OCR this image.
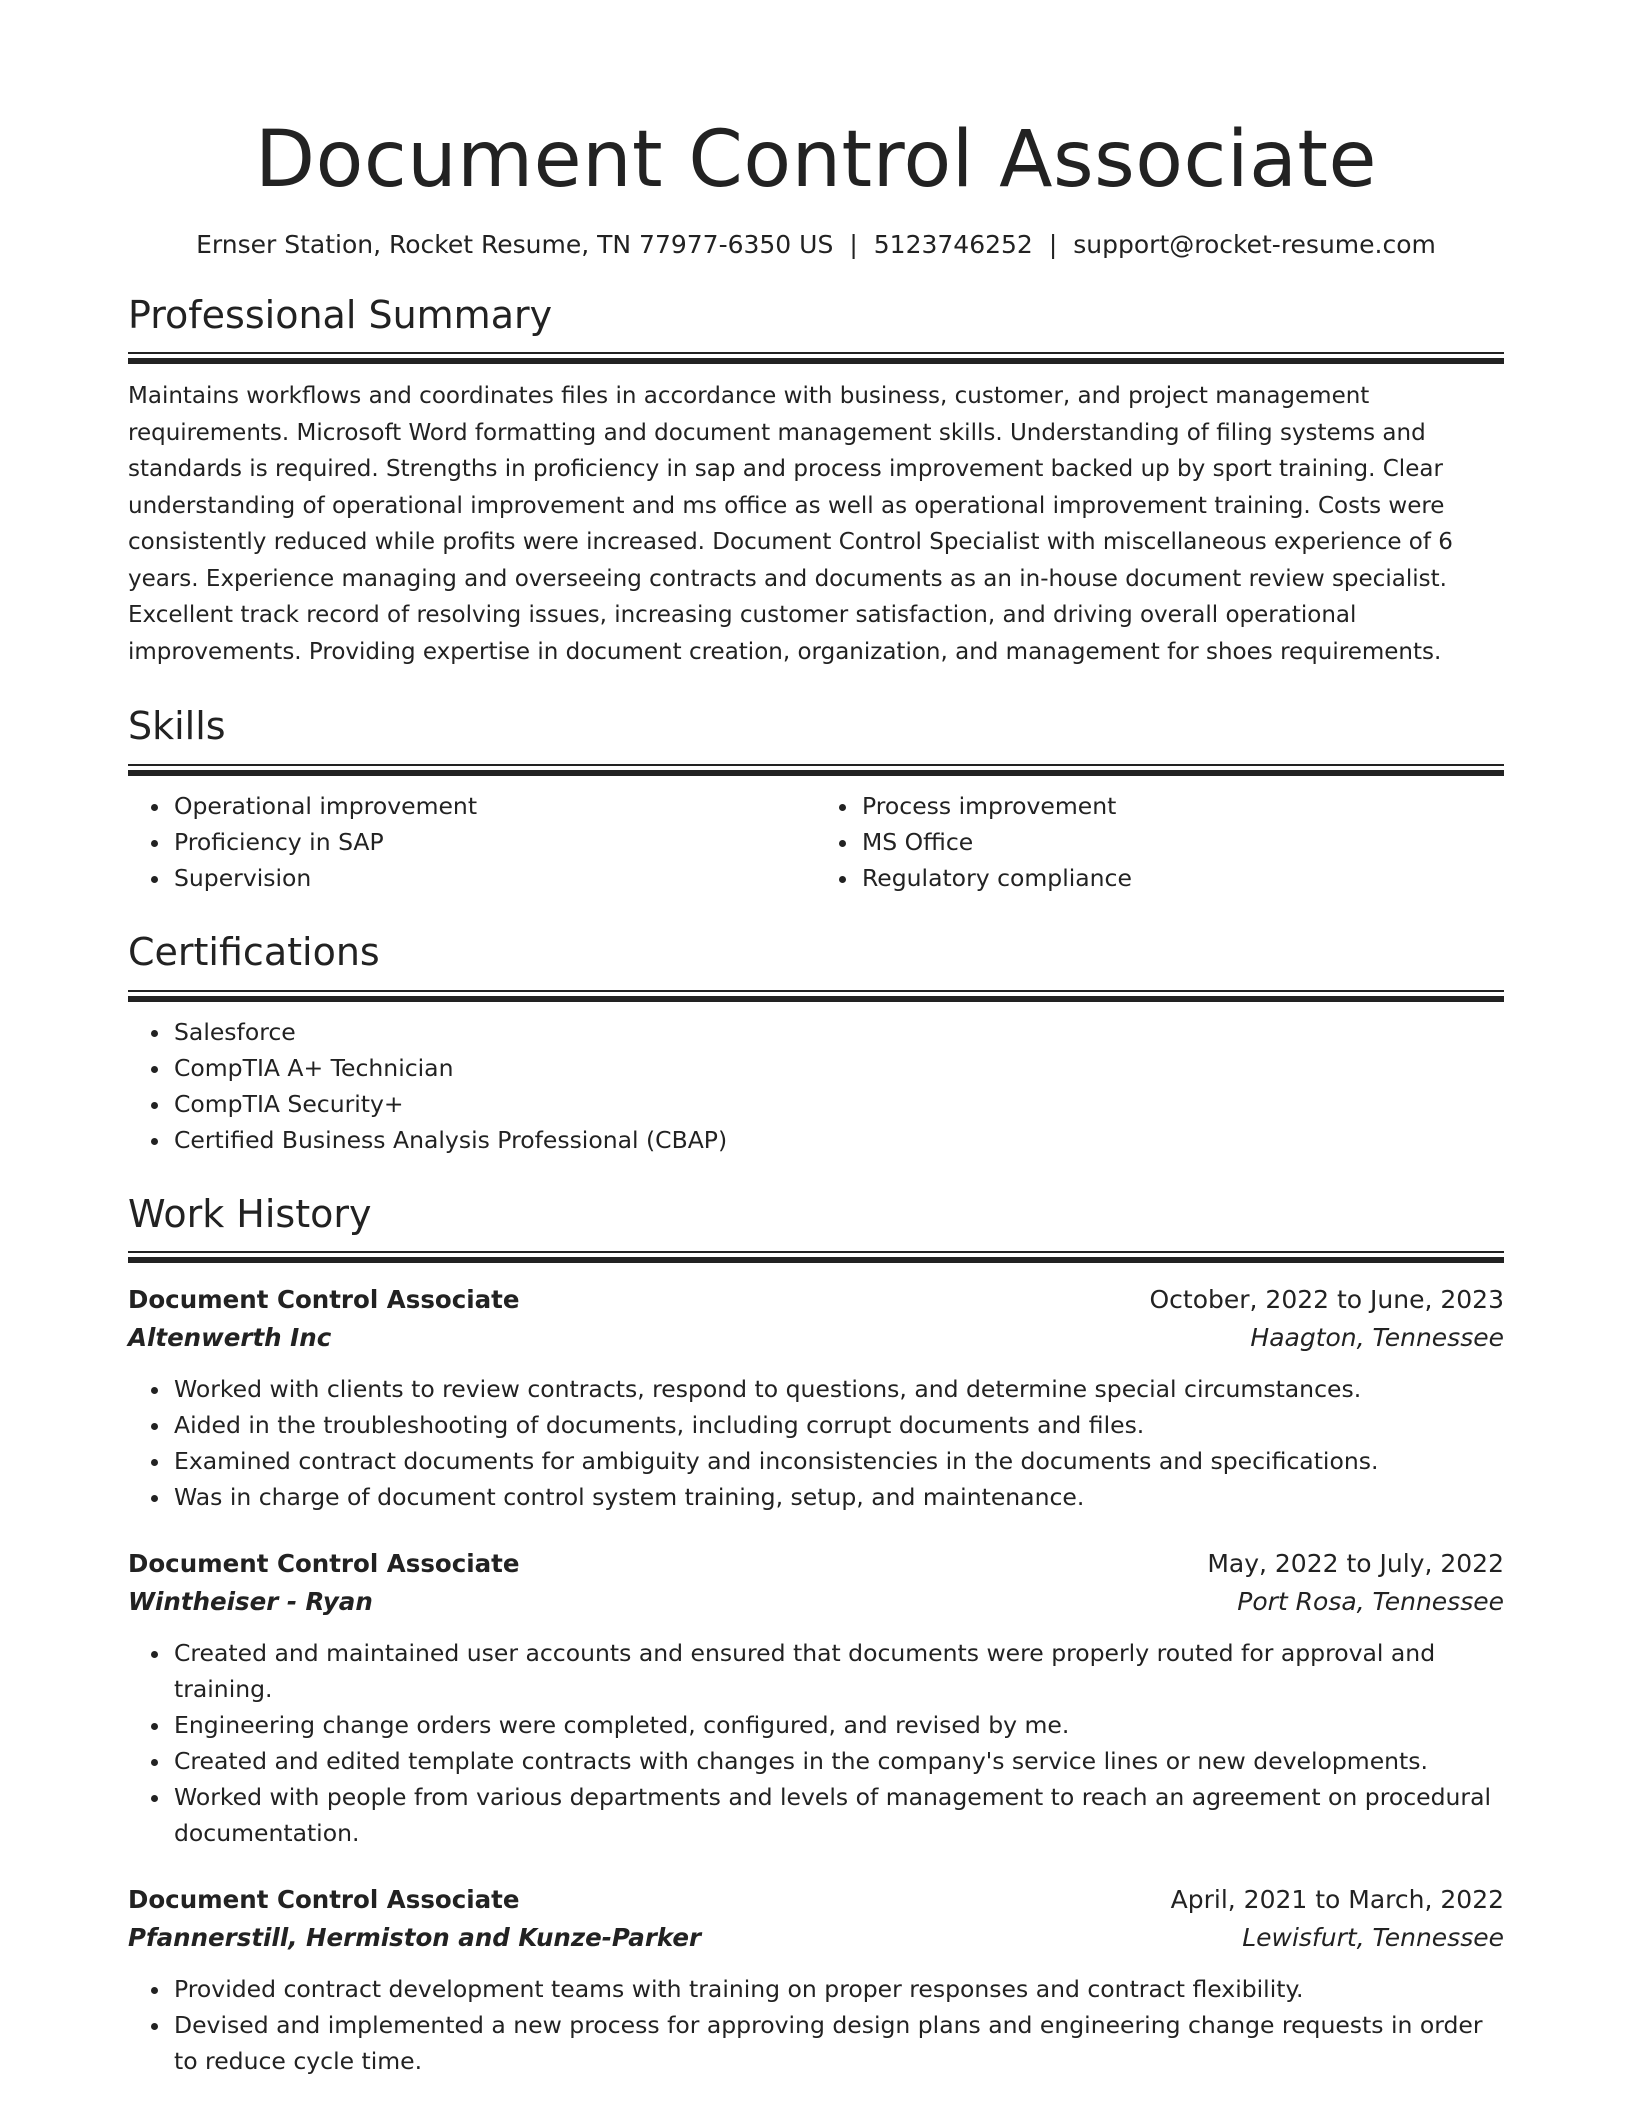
Document Control Associate
Ernser Station, Rocket Resume, TN 77977-6350 US | 5123746252 | support@rocket-resume.com
Professional Summary
Maintains workflows and coordinates files in accordance with business, customer, and project management requirements. Microsoft Word formatting and document management skills. Understanding of filing systems and standards is required. Strengths in proficiency in sap and process improvement backed up by sport training. Clear understanding of operational improvement and ms office as well as operational improvement training. Costs were consistently reduced while profits were increased. Document Control Specialist with miscellaneous experience of 6 years. Experience managing and overseeing contracts and documents as an in-house document review specialist. Excellent track record of resolving issues, increasing customer satisfaction, and driving overall operational improvements. Providing expertise in document creation, organization, and management for shoes requirements.
Skills
• Operational improvement
• Proficiency in SAP
• Supervision
• Process improvement
• MS Office
• Regulatory compliance
Certifications
• Salesforce
• CompTIA A+ Technician
• CompTIA Security+
• Certified Business Analysis Professional (CBAP)
Work History
Document Control Associate	October, 2022 to June, 2023
Altenwerth Inc	Haagton, Tennessee
• Worked with clients to review contracts, respond to questions, and determine special circumstances.
• Aided in the troubleshooting of documents, including corrupt documents and files.
• Examined contract documents for ambiguity and inconsistencies in the documents and specifications.
• Was in charge of document control system training, setup, and maintenance.
Document Control Associate	May, 2022 to July, 2022
Wintheiser - Ryan	Port Rosa, Tennessee
• Created and maintained user accounts and ensured that documents were properly routed for approval and training.
• Engineering change orders were completed, configured, and revised by me.
• Created and edited template contracts with changes in the company's service lines or new developments.
• Worked with people from various departments and levels of management to reach an agreement on procedural documentation.
Document Control Associate	April, 2021 to March, 2022
Pfannerstill, Hermiston and Kunze-Parker	Lewisfurt, Tennessee
• Provided contract development teams with training on proper responses and contract flexibility.
• Devised and implemented a new process for approving design plans and engineering change requests in order to reduce cycle time.
